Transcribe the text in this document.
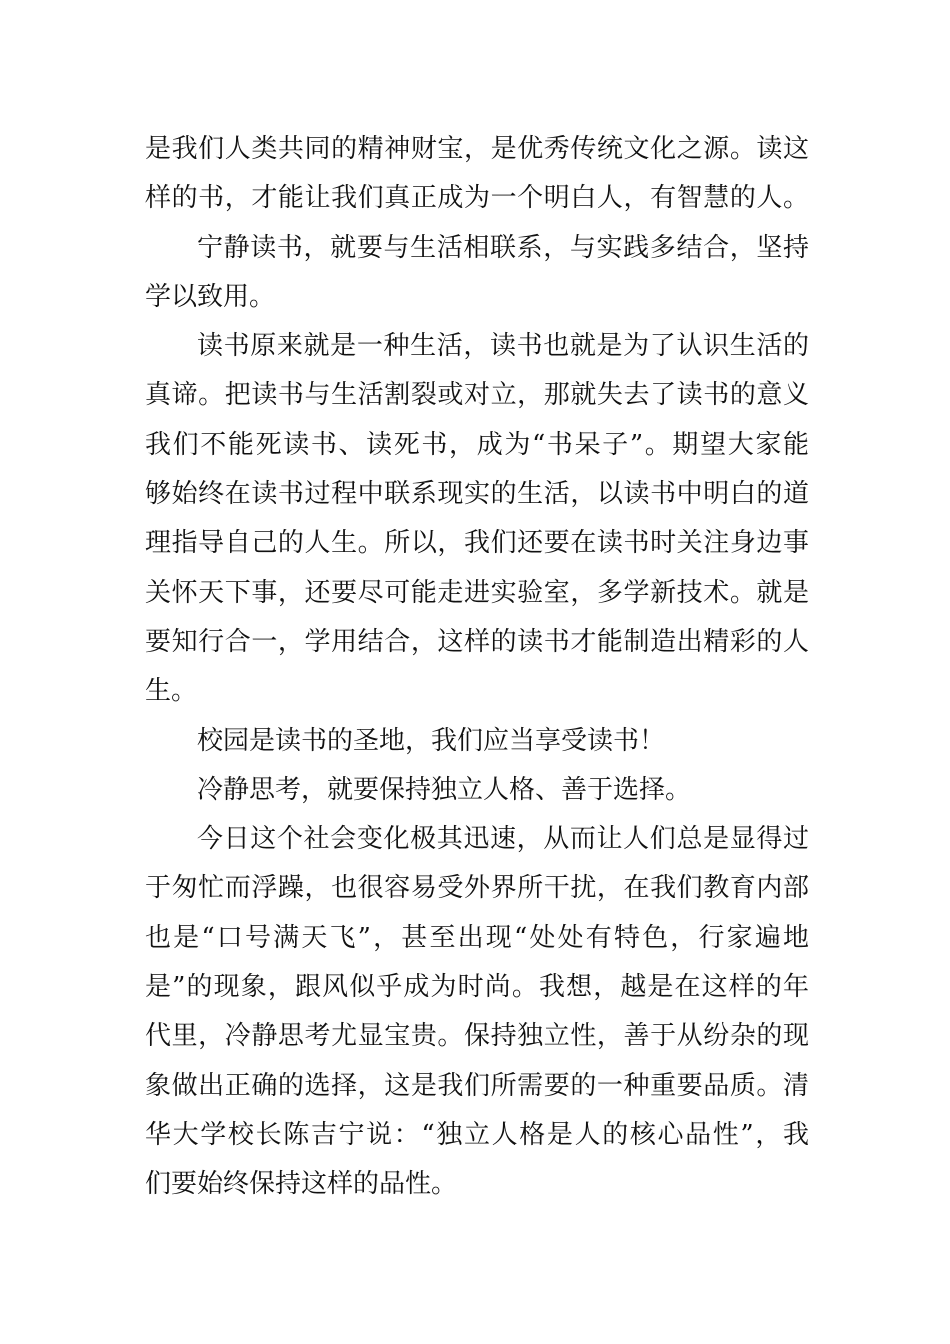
是我们人类共同的精神财宝，是优秀传统文化之源。读这
样的书，才能让我们真正成为一个明白人，有智慧的人。
宁静读书，就要与生活相联系，与实践多结合，坚持
学以致用。
读书原来就是一种生活，读书也就是为了认识生活的
真谛。把读书与生活割裂或对立，那就失去了读书的意义
我们不能死读书、读死书，成为“书呆子”。期望大家能
够始终在读书过程中联系现实的生活，以读书中明白的道
理指导自己的人生。所以，我们还要在读书时关注身边事
关怀天下事，还要尽可能走进实验室，多学新技术。就是
要知行合一，学用结合，这样的读书才能制造出精彩的人
生。
校园是读书的圣地，我们应当享受读书！
冷静思考，就要保持独立人格、善于选择。
今日这个社会变化极其迅速，从而让人们总是显得过
于匆忙而浮躁，也很容易受外界所干扰，在我们教育内部
也是“口号满天飞”，甚至出现“处处有特色，行家遍地
是”的现象，跟风似乎成为时尚。我想，越是在这样的年
代里，冷静思考尤显宝贵。保持独立性，善于从纷杂的现
象做出正确的选择，这是我们所需要的一种重要品质。清
华大学校长陈吉宁说：“独立人格是人的核心品性”，我
们要始终保持这样的品性。
